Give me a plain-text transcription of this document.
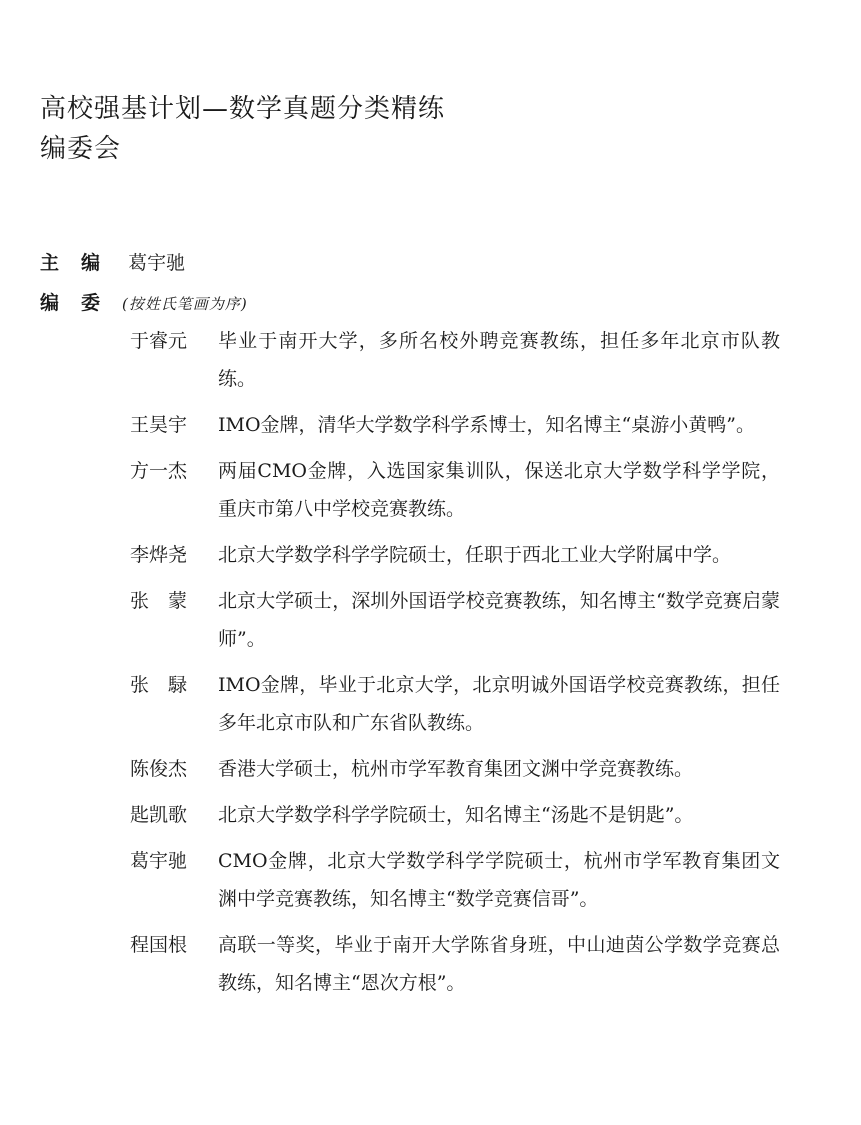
高校强基计划—数学真题分类精练
编委会
主编 葛宇驰
编委(按姓氏笔画为序)
于睿元	毕业于南开大学，多所名校外聘竞赛教练，担任多年北京市队教练。
王昊宇	IMO金牌，清华大学数学科学系博士，知名博主“桌游小黄鸭”。
方一杰	两届CMO金牌，入选国家集训队，保送北京大学数学科学学院，重庆市第八中学校竞赛教练。
李烨尧	北京大学数学科学学院硕士，任职于西北工业大学附属中学。
张　蒙	北京大学硕士，深圳外国语学校竞赛教练，知名博主“数学竞赛启蒙师”。
张　騄	IMO金牌，毕业于北京大学，北京明诚外国语学校竞赛教练，担任多年北京市队和广东省队教练。
陈俊杰	香港大学硕士，杭州市学军教育集团文渊中学竞赛教练。
匙凯歌	北京大学数学科学学院硕士，知名博主“汤匙不是钥匙”。
葛宇驰	CMO金牌，北京大学数学科学学院硕士，杭州市学军教育集团文渊中学竞赛教练，知名博主“数学竞赛信哥”。
程国根	高联一等奖，毕业于南开大学陈省身班，中山迪茵公学数学竞赛总教练，知名博主“恩次方根”。
